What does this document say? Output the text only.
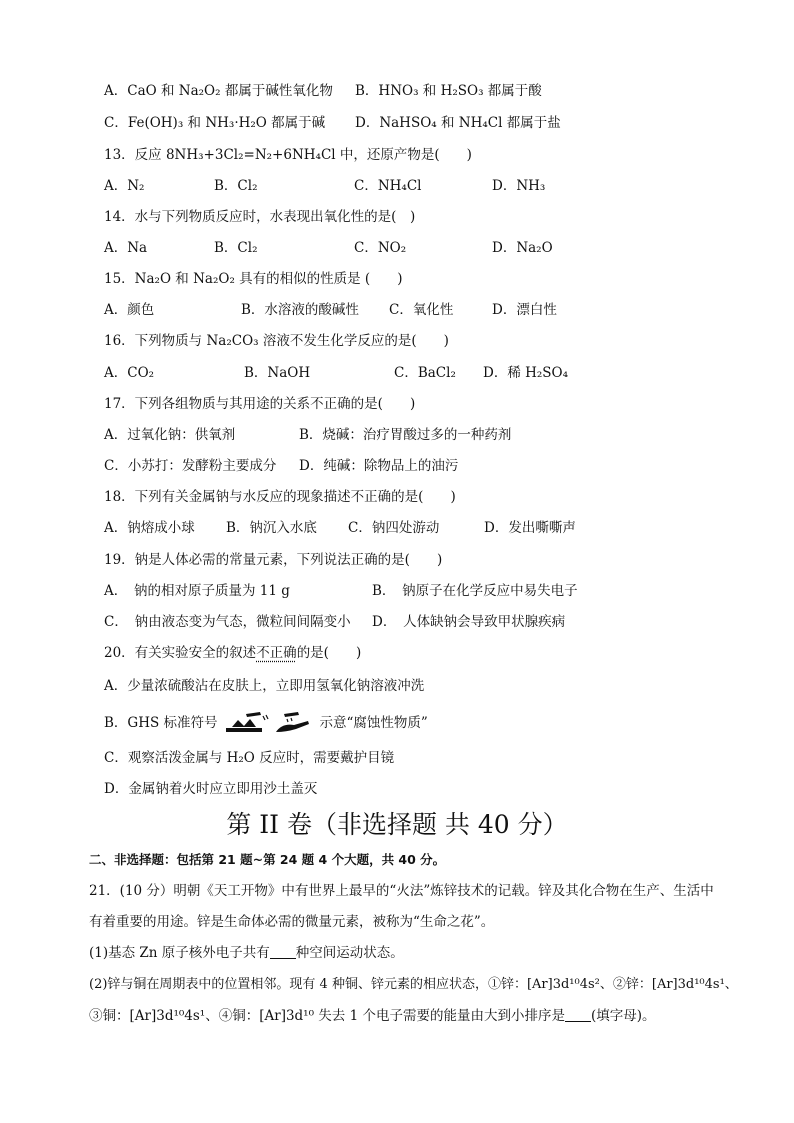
A．CaO 和 Na₂O₂ 都属于碱性氧化物 B．HNO₃ 和 H₂SO₃ 都属于酸
C．Fe(OH)₃ 和 NH₃·H₂O 都属于碱 D．NaHSO₄ 和 NH₄Cl 都属于盐
13．反应 8NH₃+3Cl₂=N₂+6NH₄Cl 中，还原产物是(　　)
A．N₂	B．Cl₂	C．NH₄Cl	D．NH₃
14．水与下列物质反应时，水表现出氧化性的是(　)
A．Na	B．Cl₂	C．NO₂	D．Na₂O
15．Na₂O 和 Na₂O₂ 具有的相似的性质是 (　　)
A．颜色	B．水溶液的酸碱性 C．氧化性	D．漂白性
16．下列物质与 Na₂CO₃ 溶液不发生化学反应的是(　　)
A．CO₂	B．NaOH	C．BaCl₂ D．稀 H₂SO₄
17．下列各组物质与其用途的关系不正确的是(　　)
A．过氧化钠：供氧剂	B．烧碱：治疗胃酸过多的一种药剂
C．小苏打：发酵粉主要成分 D．纯碱：除物品上的油污
18．下列有关金属钠与水反应的现象描述不正确的是(　　)
A．钠熔成小球 B．钠沉入水底 C．钠四处游动	D．发出嘶嘶声
19．钠是人体必需的常量元素，下列说法正确的是(　　)
A．　钠的相对原子质量为 11 g	B．　钠原子在化学反应中易失电子
C．　钠由液态变为气态，微粒间间隔变小 D．　人体缺钠会导致甲状腺疾病
20．有关实验安全的叙述不正确的是(　　)
A．少量浓硫酸沾在皮肤上，立即用氢氧化钠溶液冲洗
B．GHS 标准符号	示意“腐蚀性物质”
C．观察活泼金属与 H₂O 反应时，需要戴护目镜
D．金属钠着火时应立即用沙土盖灭
第 II 卷（非选择题 共 40 分）
二、非选择题：包括第 21 题~第 24 题 4 个大题，共 40 分。
21．(10 分）明朝《天工开物》中有世界上最早的“火法”炼锌技术的记载。锌及其化合物在生产、生活中
有着重要的用途。锌是生命体必需的微量元素，被称为“生命之花”。
(1)基态 Zn 原子核外电子共有 种空间运动状态。
(2)锌与铜在周期表中的位置相邻。现有 4 种铜、锌元素的相应状态，①锌：[Ar]3d¹⁰4s²、②锌：[Ar]3d¹⁰4s¹、
③铜：[Ar]3d¹⁰4s¹、④铜：[Ar]3d¹⁰ 失去 1 个电子需要的能量由大到小排序是 (填字母)。
